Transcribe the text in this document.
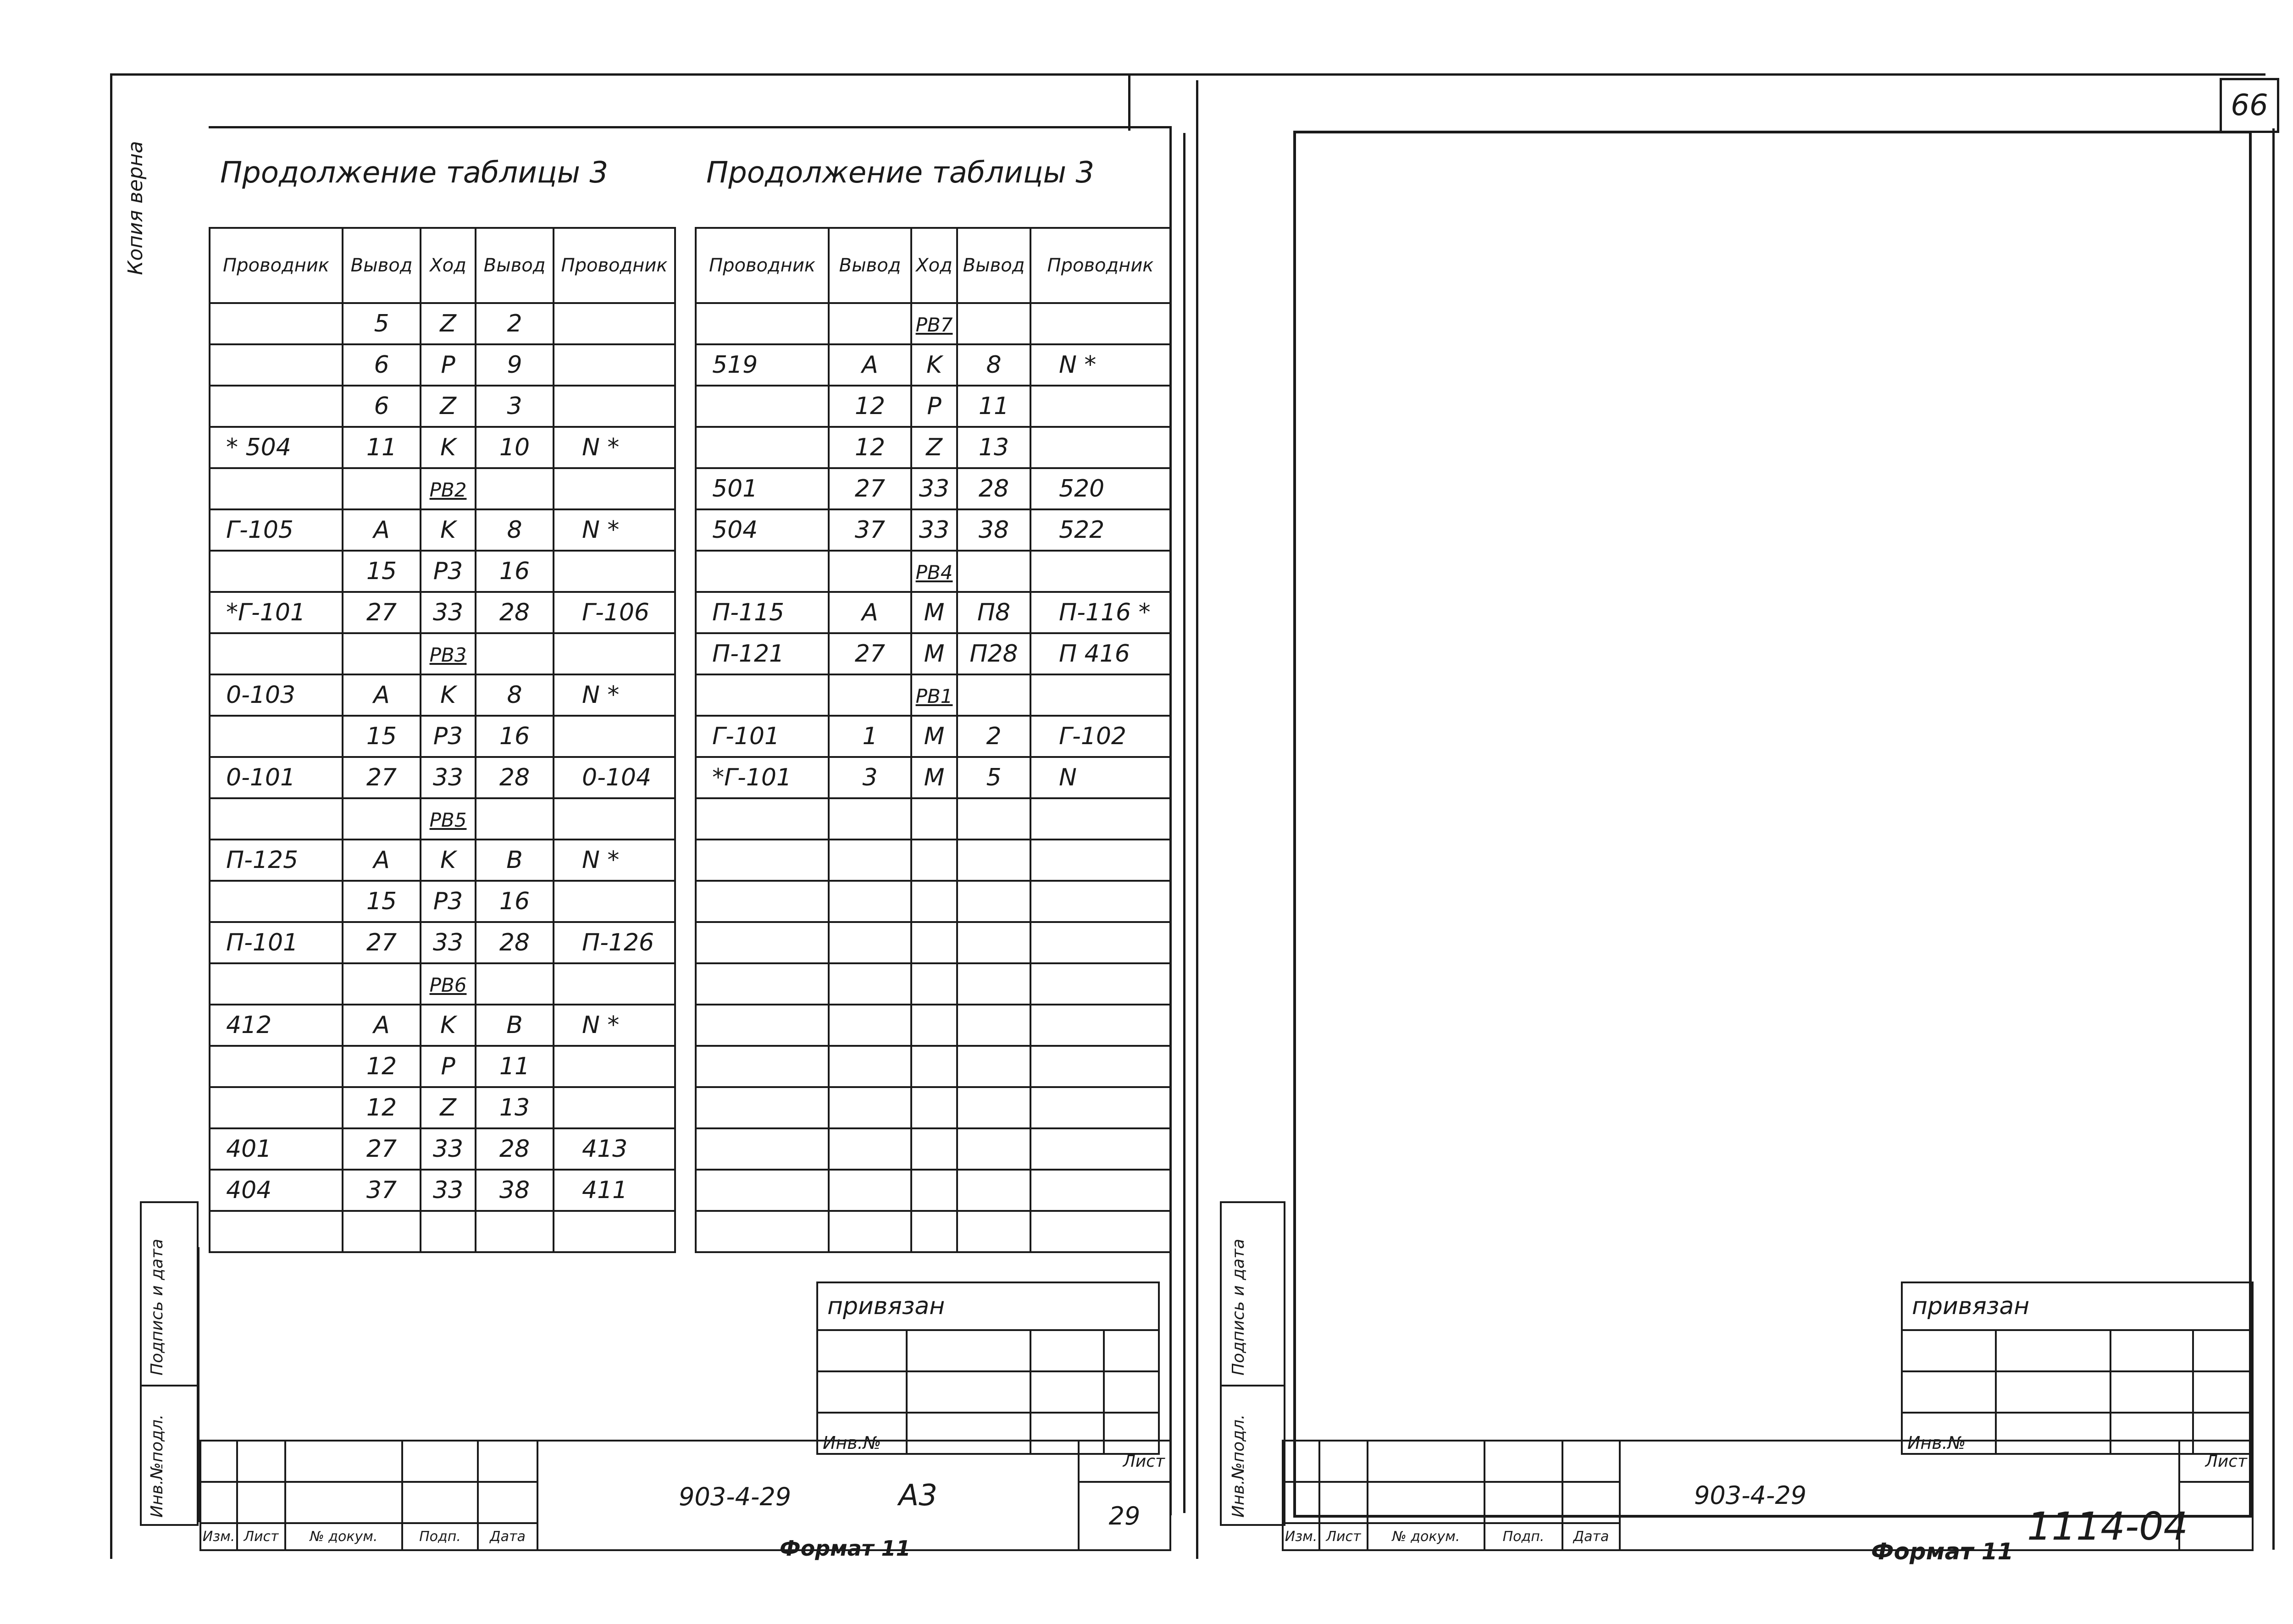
Копия верна
66
Продолжение таблицы 3	Продолжение таблицы 3
Проводник	Вывод	Ход	Вывод	Проводник
	5	Z	2	
	6	P	9	
	6	Z	3	
* 504	11	K	10	N *
		PB2		
Г-105	A	K	8	N *
	15	P3	16	
*Г-101	27	33	28	Г-106
		PB3		
0-103	A	K	8	N *
	15	P3	16	
0-101	27	33	28	0-104
		PB5		
П-125	A	K	B	N *
	15	P3	16	
П-101	27	33	28	П-126
		PB6		
412	A	K	B	N *
	12	P	11	
	12	Z	13	
401	27	33	28	413
404	37	33	38	411

Проводник	Вывод	Ход	Вывод	Проводник
		PB7		
519	A	K	8	N *
	12	P	11	
	12	Z	13	
501	27	33	28	520
504	37	33	38	522
		PB4		
П-115	A	M	П8	П-116 *
П-121	27	M	П28	П 416
		PB1		
Г-101	1	M	2	Г-102
*Г-101	3	M	5	N

Подпись и дата
Инв.№подл.
привязан			

Инв.№			
					903-4-29 A3	Лист
						29
Изм.	Лист	№ докум.	Подп.	Дата			Формат 11
Подпись и дата
Инв.№подл.
привязан			

Инв.№			
					903-4-29	Лист

Изм.	Лист	№ докум.	Подп.	Дата		
Формат 11
1114-04
